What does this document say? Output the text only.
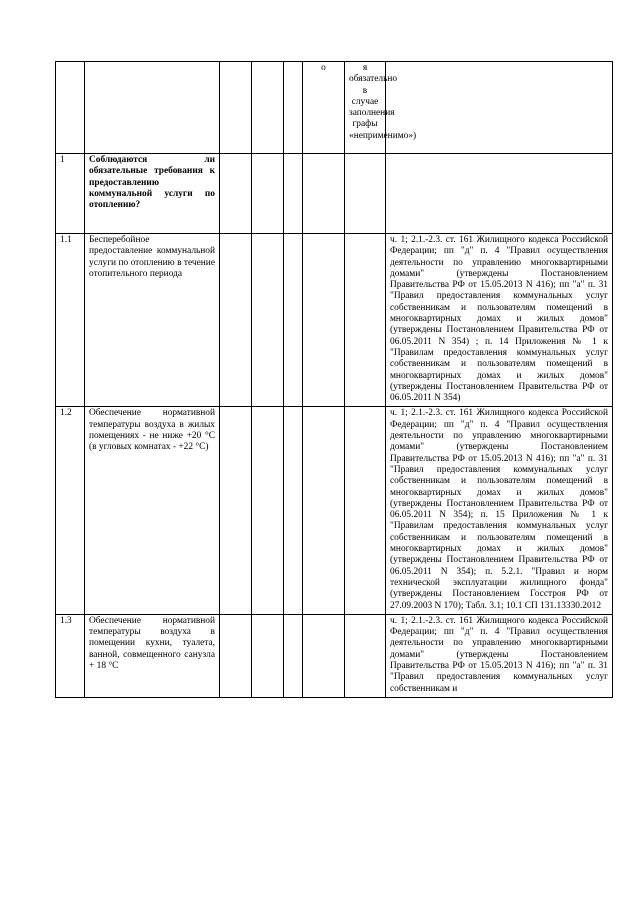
					о	я обязательно в случае заполнения графы «неприменимо»)	
1	Соблюдаются ли обязательные требования к предоставлению коммунальной услуги по отоплению?						
1.1	Бесперебойное предоставление коммунальной услуги по отоплению в течение отопительного периода						ч. 1; 2.1.-2.3. ст. 161 Жилищного кодекса Российской Федерации; пп "д" п. 4 "Правил осуществления деятельности по управлению многоквартирными домами" (утверждены Постановлением Правительства РФ от 15.05.2013 N 416); пп "а" п. 31 "Правил предоставления коммунальных услуг собственникам и пользователям помещений в многоквартирных домах и жилых домов" (утверждены Постановлением Правительства РФ от 06.05.2011 N 354) ; п. 14 Приложения № 1 к "Правилам предоставления коммунальных услуг собственникам и пользователям помещений в многоквартирных домах и жилых домов" (утверждены Постановлением Правительства РФ от 06.05.2011 N 354)
1.2	Обеспечение нормативной температуры воздуха в жилых помещениях - не ниже +20 °С (в угловых комнатах - +22 °С)						ч. 1; 2.1.-2.3. ст. 161 Жилищного кодекса Российской Федерации; пп "д" п. 4 "Правил осуществления деятельности по управлению многоквартирными домами" (утверждены Постановлением Правительства РФ от 15.05.2013 N 416); пп "а" п. 31 "Правил предоставления коммунальных услуг собственникам и пользователям помещений в многоквартирных домах и жилых домов" (утверждены Постановлением Правительства РФ от 06.05.2011 N 354); п. 15 Приложения № 1 к "Правилам предоставления коммунальных услуг собственникам и пользователям помещений в многоквартирных домах и жилых домов" (утверждены Постановлением Правительства РФ от 06.05.2011 N 354); п. 5.2.1. "Правил и норм технической эксплуатации жилищного фонда" (утверждены Постановлением Госстроя РФ от 27.09.2003 N 170); Табл. 3.1; 10.1 СП 131.13330.2012
1.3	Обеспечение нормативной температуры воздуха в помещении кухни, туалета, ванной, совмещенного санузла + 18 °С						ч. 1; 2.1.-2.3. ст. 161 Жилищного кодекса Российской Федерации; пп "д" п. 4 "Правил осуществления деятельности по управлению многоквартирными домами" (утверждены Постановлением Правительства РФ от 15.05.2013 N 416); пп "а" п. 31 "Правил предоставления коммунальных услуг собственникам и
